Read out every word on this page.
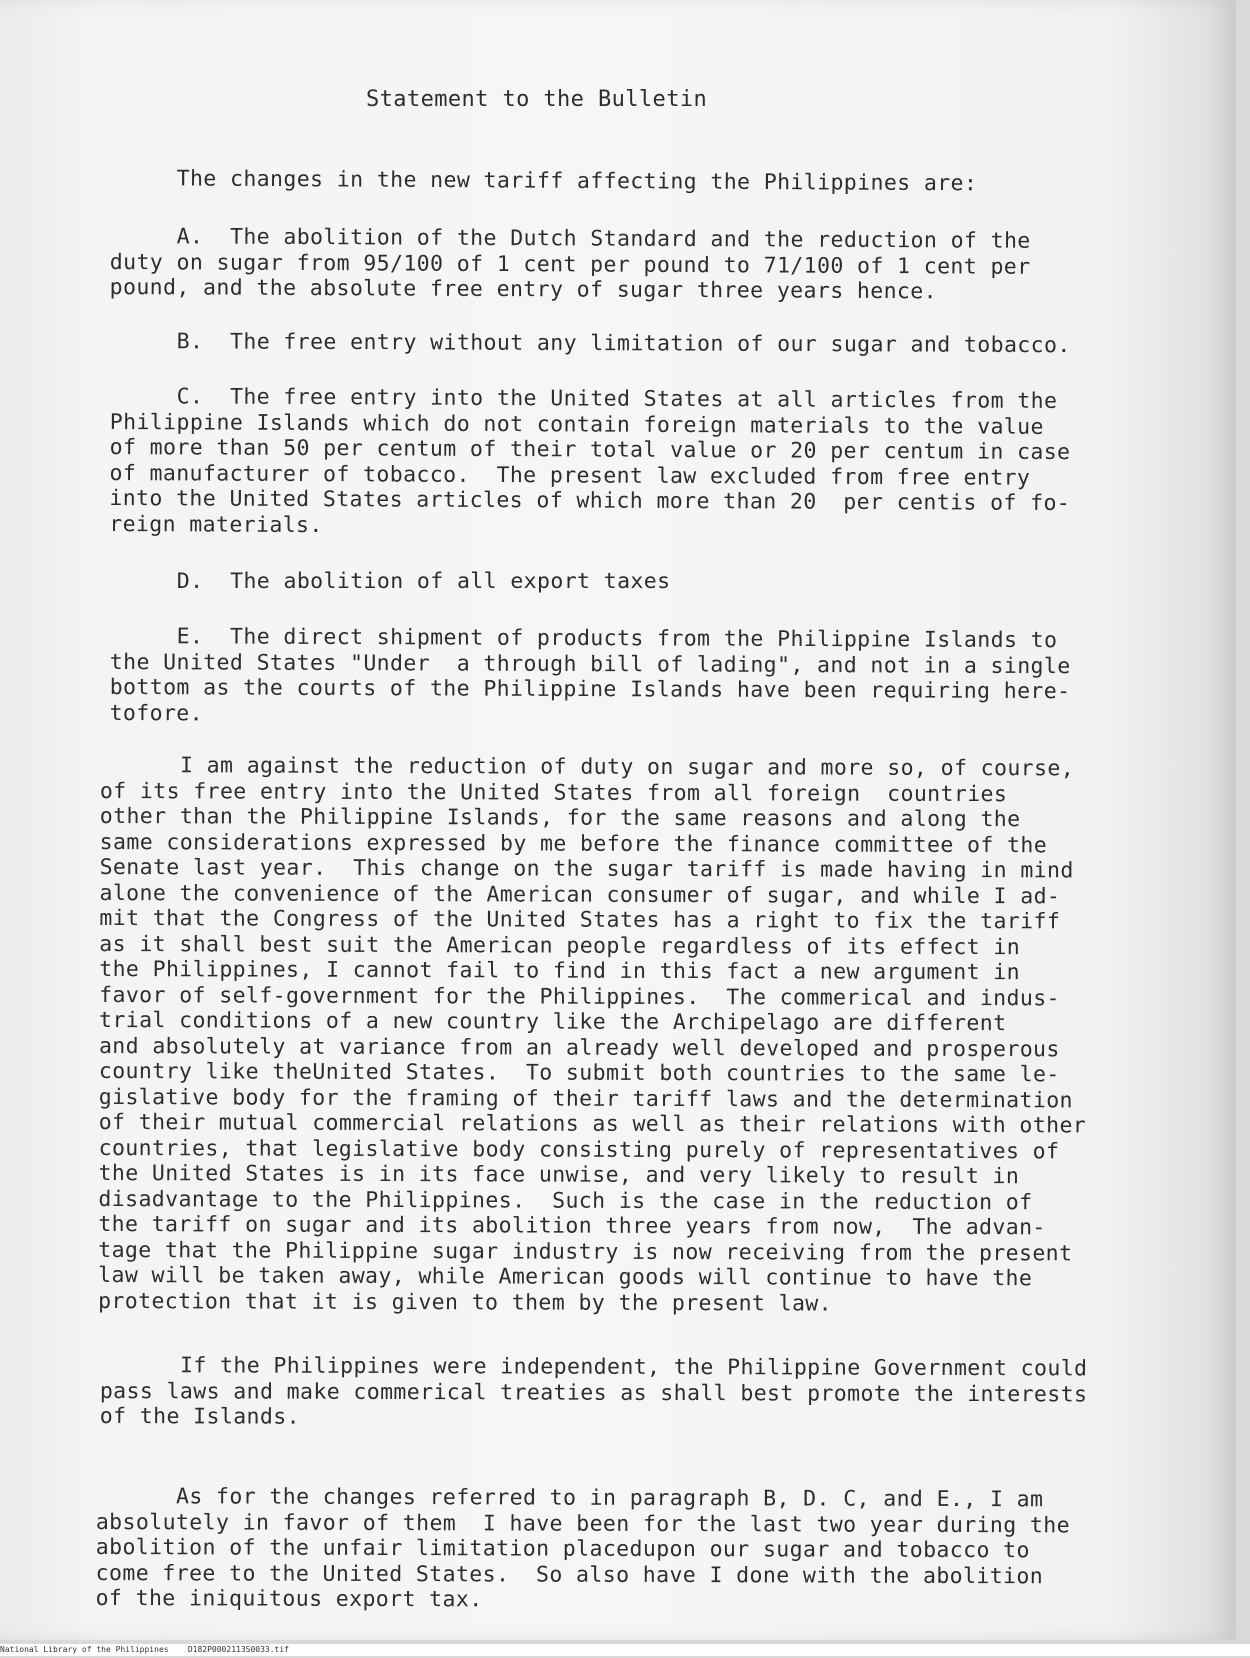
Statement to the Bulletin

The changes in the new tariff affecting the Philippines are:

A.  The abolition of the Dutch Standard and the reduction of the
duty on sugar from 95/100 of 1 cent per pound to 71/100 of 1 cent per
pound, and the absolute free entry of sugar three years hence.

B.  The free entry without any limitation of our sugar and tobacco.

C.  The free entry into the United States at all articles from the
Philippine Islands which do not contain foreign materials to the value
of more than 50 per centum of their total value or 20 per centum in case
of manufacturer of tobacco.  The present law excluded from free entry
into the United States articles of which more than 20  per centis of fo-
reign materials.

D.  The abolition of all export taxes

E.  The direct shipment of products from the Philippine Islands to
the United States "Under  a through bill of lading", and not in a single
bottom as the courts of the Philippine Islands have been requiring here-
tofore.

I am against the reduction of duty on sugar and more so, of course,
of its free entry into the United States from all foreign  countries
other than the Philippine Islands, for the same reasons and along the
same considerations expressed by me before the finance committee of the
Senate last year.  This change on the sugar tariff is made having in mind
alone the convenience of the American consumer of sugar, and while I ad-
mit that the Congress of the United States has a right to fix the tariff
as it shall best suit the American people regardless of its effect in
the Philippines, I cannot fail to find in this fact a new argument in
favor of self-government for the Philippines.  The commerical and indus-
trial conditions of a new country like the Archipelago are different
and absolutely at variance from an already well developed and prosperous
country like theUnited States.  To submit both countries to the same le-
gislative body for the framing of their tariff laws and the determination
of their mutual commercial relations as well as their relations with other
countries, that legislative body consisting purely of representatives of
the United States is in its face unwise, and very likely to result in
disadvantage to the Philippines.  Such is the case in the reduction of
the tariff on sugar and its abolition three years from now,  The advan-
tage that the Philippine sugar industry is now receiving from the present
law will be taken away, while American goods will continue to have the
protection that it is given to them by the present law.

If the Philippines were independent, the Philippine Government could
pass laws and make commerical treaties as shall best promote the interests
of the Islands.

As for the changes referred to in paragraph B, D. C, and E., I am
absolutely in favor of them  I have been for the last two year during the
abolition of the unfair limitation placedupon our sugar and tobacco to
come free to the United States.  So also have I done with the abolition
of the iniquitous export tax.

National Library of the Philippines    D182P0002113S0033.tif
